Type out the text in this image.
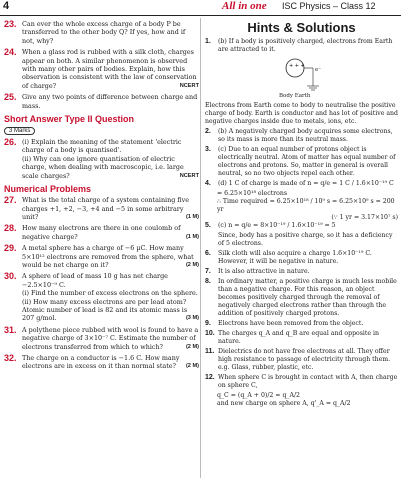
4	All in one ISC Physics – Class 12
23. Can ever the whole excess charge of a body P be transferred to the other body Q? If yes, how and if not, why?
24. When a glass rod is rubbed with a silk cloth, charges appear on both. A similar phenomenon is observed with many other pairs of bodies. Explain, how this observation is consistent with the law of conservation of charge?	NCERT
25. Give any two points of difference between charge and mass.
Short Answer Type II Question
3 Marks
26. (i) Explain the meaning of the statement 'electric charge of a body is quantised'.
(ii) Why can one ignore quantisation of electric charge, when dealing with macroscopic, i.e. large scale charges?	NCERT
Numerical Problems
27. What is the total charge of a system containing five charges +1, +2, −3, +4 and −5 in some arbitrary unit?	(1 M)
28. How many electrons are there in one coulomb of negative charge?	(1 M)
29. A metal sphere has a charge of −6 µC. How many 5×10¹² electrons are removed from the sphere, what would be net charge on it?	(2 M)
30. A sphere of lead of mass 10 g has net charge −2.5×10⁻⁹ C.
(i) Find the number of excess electrons on the sphere.
(ii) How many excess electrons are per lead atom? Atomic number of lead is 82 and its atomic mass is 207 g/mol.	(3 M)
31. A polythene piece rubbed with wool is found to have a negative charge of 3×10⁻⁷ C. Estimate the number of electrons transferred from which to which?	(2 M)
32. The charge on a conductor is −1.6 C. How many electrons are in excess on it than normal state? (2 M)
Hints & Solutions
1.	(b) If a body is positively charged, electrons from Earth are attracted to it.
+ + +
e⁻
Body Earth
Electrons from Earth come to body to neutralise the positive charge of body. Earth is conductor and has lot of positive and negative charges inside due to metals, ions, etc.
2.	(b) A negatively charged body acquires some electrons, so its mass is more than its neutral mass.
3.	(c) Due to an equal number of protons object is electrically neutral. Atom of matter has equal number of electrons and protons. So, matter in general is overall neutral, so no two objects repel each other.
4.	(d) 1 C of charge is made of n = q/e = 1 C / 1.6×10⁻¹⁹ C
= 6.25×10¹⁸ electrons
∴ Time required = 6.25×10¹⁸ / 10⁹ s = 6.25×10⁹ s = 200 yr
(∵ 1 yr = 3.17×10⁷ s)
5.	(c) n = q/e = 8×10⁻¹⁹ / 1.6×10⁻¹⁹ = 5
Since, body has a positive charge, so it has a deficiency of 5 electrons.
6.	Silk cloth will also acquire a charge 1.6×10⁻¹⁹ C. However, it will be negative in nature.
7.	It is also attractive in nature.
8.	In ordinary matter, a positive charge is much less mobile than a negative charge. For this reason, an object becomes positively charged through the removal of negatively charged electrons rather than through the addition of positively charged protons.
9.	Electrons have been removed from the object.
10. The charges q_A and q_B are equal and opposite in nature.
11. Dielectrics do not have free electrons at all. They offer high resistance to passage of electricity through them. e.g. Glass, rubber, plastic, etc.
12. When sphere C is brought in contact with A, then charge on sphere C,
q_C = (q_A + 0)/2 = q_A/2
and new charge on sphere A, q'_A = q_A/2
